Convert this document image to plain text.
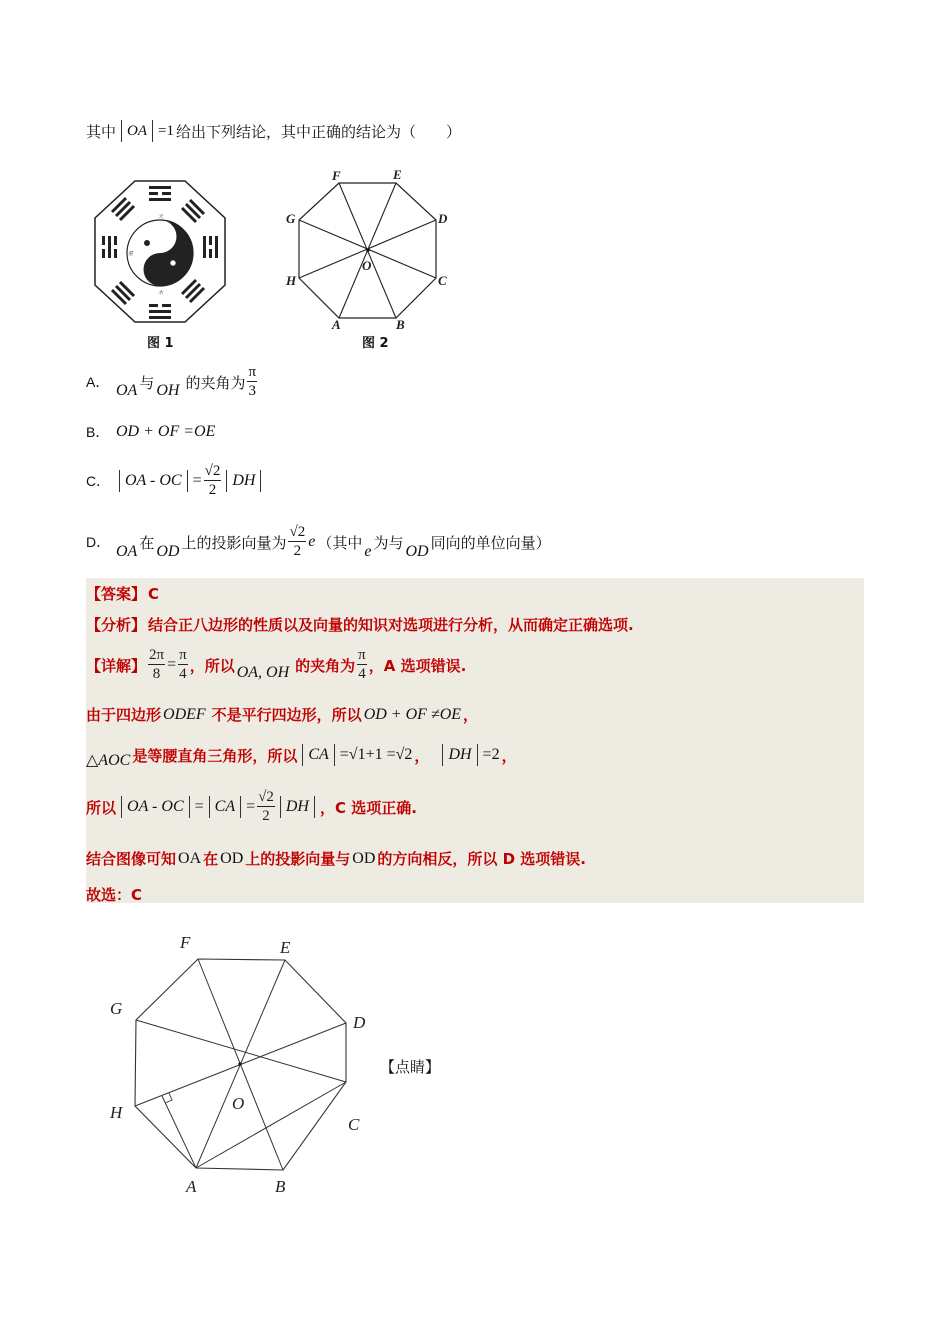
其中 OA =1 给出下列结论，其中正确的结论为（　　）
天
水
星	辰
图 1
F	E
D
C
B
A
H
G
O
图 2
A． OA 与 OH 的夹角为 $\frac{\pi}{3}$
B． OD + OF =OE
C． OA - OC = $\frac{√2}{2}$ DH
D．
OA 在 OD 上的投影向量为 $\frac{√2}{2}$ e （其中 e 为与 OD 同向的单位向量）
【答案】 C
【分析】 结合正八边形的性质以及向量的知识对选项进行分析，从而确定正确选项.
【详解】 $\frac{2\pi}{8} = \frac{\pi}{4}$ ，所以 OA, OH 的夹角为 $\frac{\pi}{4}$ ，A 选项错误.
由于四边形 ODEF 不是平行四边形，所以 OD + OF ≠OE ，
△AOC 是等腰直角三角形，所以 CA =√1+1 =√2 ， DH =2 ，
所以 OA - OC = CA = $\frac{√2}{2}$ DH ，C 选项正确.
结合图像可知 OA 在 OD 上的投影向量与 OD 的方向相反，所以 D 选项错误.
故选：C
F	E
D
C
B
A
H
G
O
【点睛】
